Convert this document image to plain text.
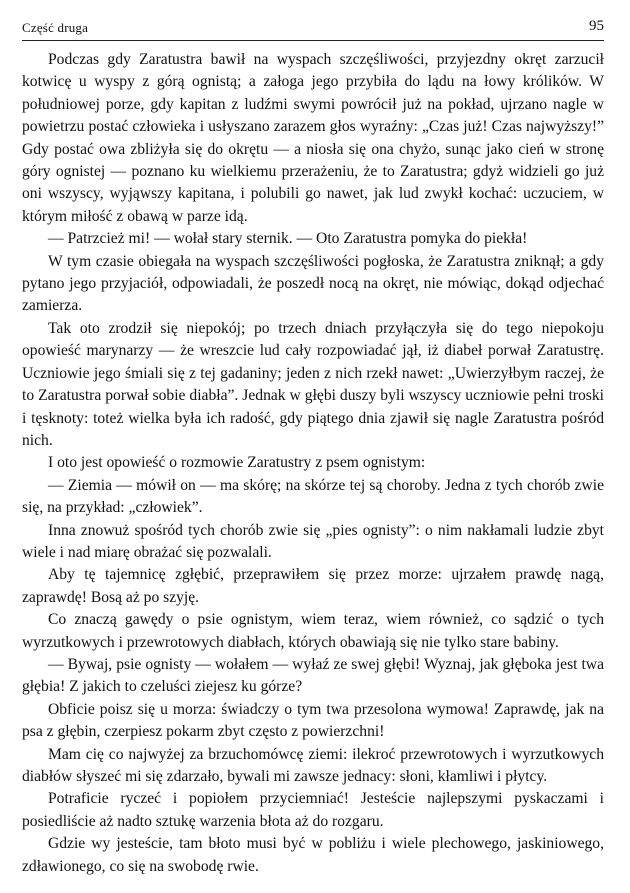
Część druga	95

Podczas gdy Zaratustra bawił na wyspach szczęśliwości, przyjezdny okręt zarzucił kotwicę u wyspy z górą ognistą; a załoga jego przybiła do lądu na łowy królików. W południowej porze, gdy kapitan z ludźmi swymi powrócił już na pokład, ujrzano nagle w powietrzu postać człowieka i usłyszano zarazem głos wyraźny: „Czas już! Czas najwyższy!” Gdy postać owa zbliżyła się do okrętu — a niosła się ona chyżo, sunąc jako cień w stronę góry ognistej — poznano ku wielkiemu przerażeniu, że to Zaratustra; gdyż widzieli go już oni wszyscy, wyjąwszy kapitana, i polubili go nawet, jak lud zwykł kochać: uczuciem, w którym miłość z obawą w parze idą.

— Patrzcież mi! — wołał stary sternik. — Oto Zaratustra pomyka do piekła!

W tym czasie obiegała na wyspach szczęśliwości pogłoska, że Zaratustra zniknął; a gdy pytano jego przyjaciół, odpowiadali, że poszedł nocą na okręt, nie mówiąc, dokąd odjechać zamierza.

Tak oto zrodził się niepokój; po trzech dniach przyłączyła się do tego niepokoju opowieść marynarzy — że wreszcie lud cały rozpowiadać jął, iż diabeł porwał Zaratustrę. Uczniowie jego śmiali się z tej gadaniny; jeden z nich rzekł nawet: „Uwierzyłbym raczej, że to Zaratustra porwał sobie diabła”. Jednak w głębi duszy byli wszyscy uczniowie pełni troski i tęsknoty: toteż wielka była ich radość, gdy piątego dnia zjawił się nagle Zaratustra pośród nich.

I oto jest opowieść o rozmowie Zaratustry z psem ognistym:

— Ziemia — mówił on — ma skórę; na skórze tej są choroby. Jedna z tych chorób zwie się, na przykład: „człowiek”.

Inna znowuż spośród tych chorób zwie się „pies ognisty”: o nim nakłamali ludzie zbyt wiele i nad miarę obrażać się pozwalali.

Aby tę tajemnicę zgłębić, przeprawiłem się przez morze: ujrzałem prawdę nagą, zaprawdę! Bosą aż po szyję.

Co znaczą gawędy o psie ognistym, wiem teraz, wiem również, co sądzić o tych wyrzutkowych i przewrotowych diabłach, których obawiają się nie tylko stare babiny.

— Bywaj, psie ognisty — wołałem — wyłaź ze swej głębi! Wyznaj, jak głęboka jest twa głębia! Z jakich to czeluści ziejesz ku górze?

Obficie poisz się u morza: świadczy o tym twa przesolona wymowa! Zaprawdę, jak na psa z głębin, czerpiesz pokarm zbyt często z powierzchni!

Mam cię co najwyżej za brzuchomówcę ziemi: ilekroć przewrotowych i wyrzutkowych diabłów słyszeć mi się zdarzało, bywali mi zawsze jednacy: słoni, kłamliwi i płytcy.

Potraficie ryczeć i popiołem przyciemniać! Jesteście najlepszymi pyskaczami i posiedliście aż nadto sztukę warzenia błota aż do rozgaru.

Gdzie wy jesteście, tam błoto musi być w pobliżu i wiele plechowego, jaskiniowego, zdławionego, co się na swobodę rwie.
